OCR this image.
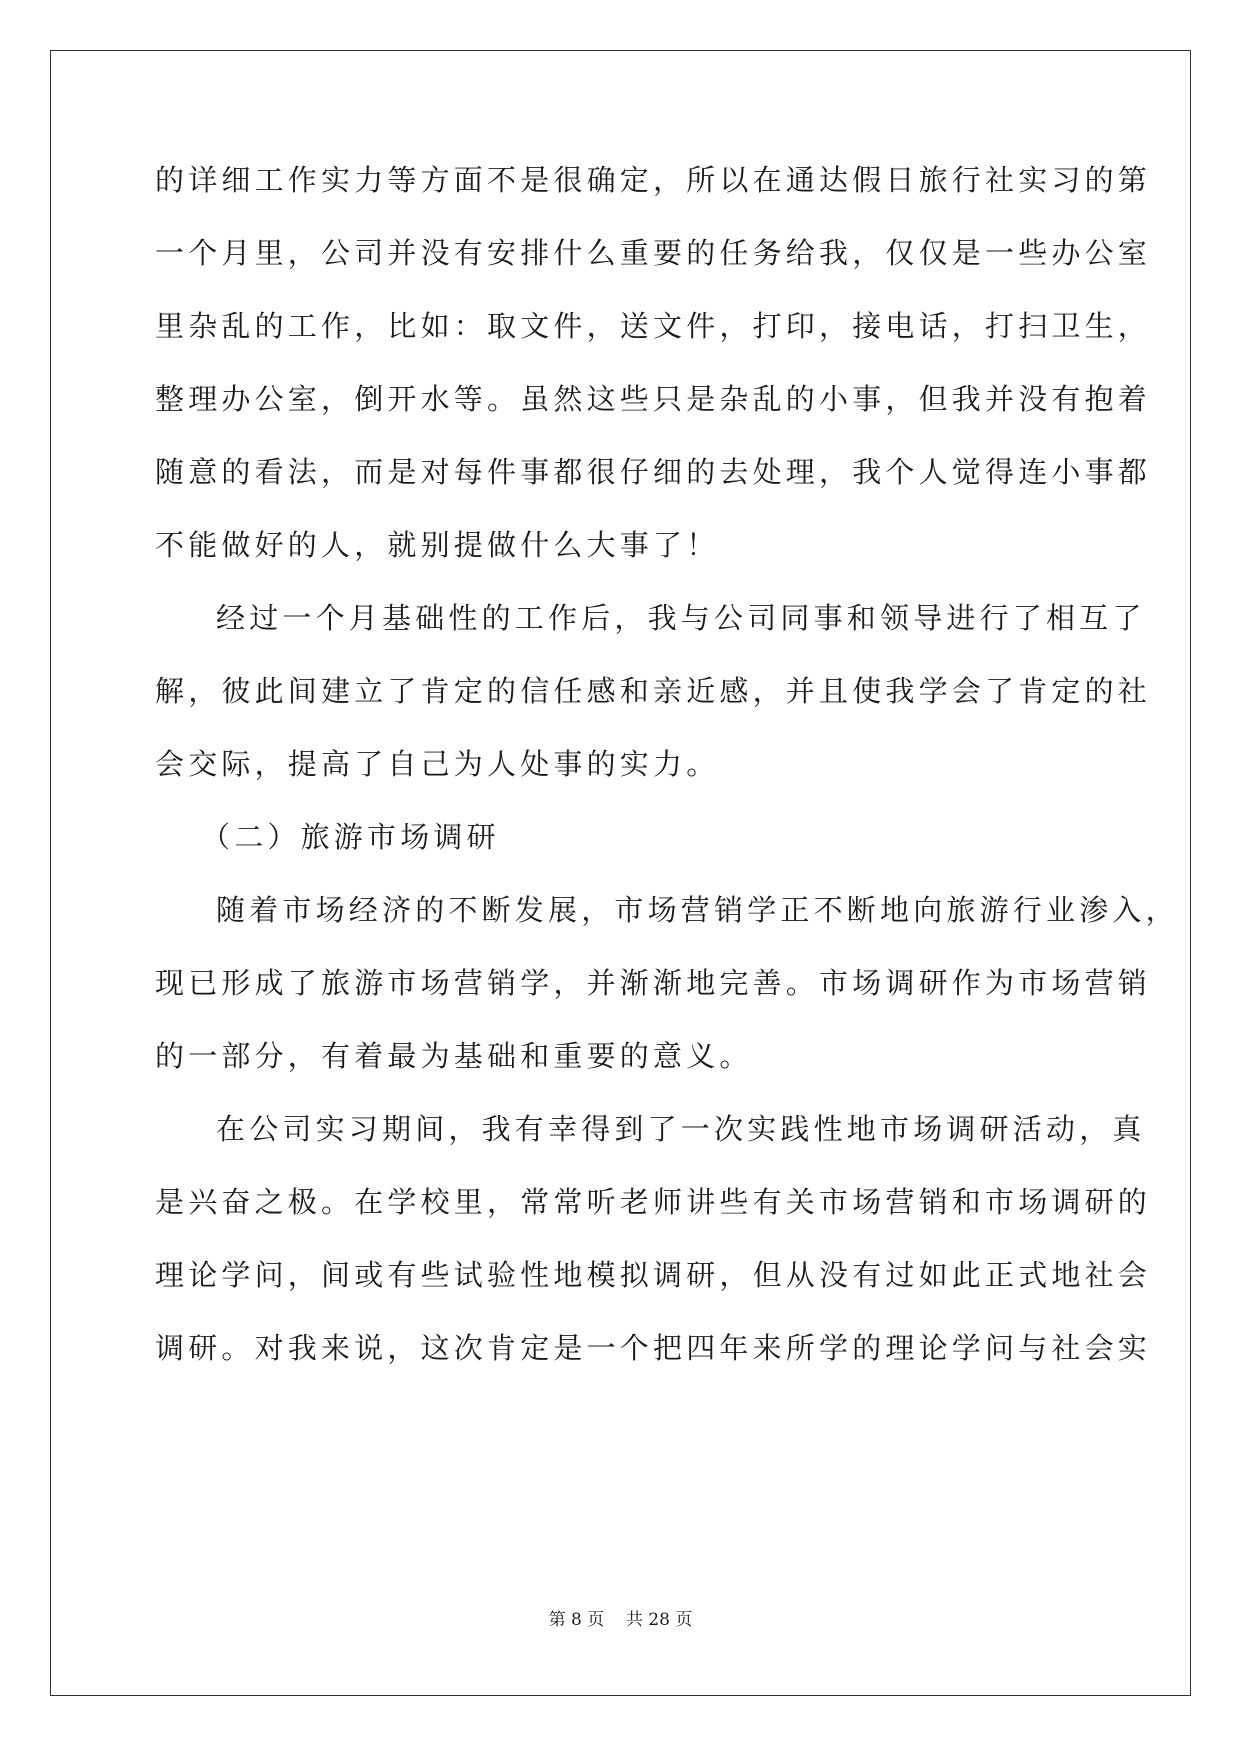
的详细工作实力等方面不是很确定，所以在通达假日旅行社实习的第
一个月里，公司并没有安排什么重要的任务给我，仅仅是一些办公室
里杂乱的工作，比如：取文件，送文件，打印，接电话，打扫卫生，
整理办公室，倒开水等。虽然这些只是杂乱的小事，但我并没有抱着
随意的看法，而是对每件事都很仔细的去处理，我个人觉得连小事都
不能做好的人，就别提做什么大事了！
经过一个月基础性的工作后，我与公司同事和领导进行了相互了
解，彼此间建立了肯定的信任感和亲近感，并且使我学会了肯定的社
会交际，提高了自己为人处事的实力。
（二）旅游市场调研
随着市场经济的不断发展，市场营销学正不断地向旅游行业渗入，
现已形成了旅游市场营销学，并渐渐地完善。市场调研作为市场营销
的一部分，有着最为基础和重要的意义。
在公司实习期间，我有幸得到了一次实践性地市场调研活动，真
是兴奋之极。在学校里，常常听老师讲些有关市场营销和市场调研的
理论学问，间或有些试验性地模拟调研，但从没有过如此正式地社会
调研。对我来说，这次肯定是一个把四年来所学的理论学问与社会实
第 8 页    共 28 页
